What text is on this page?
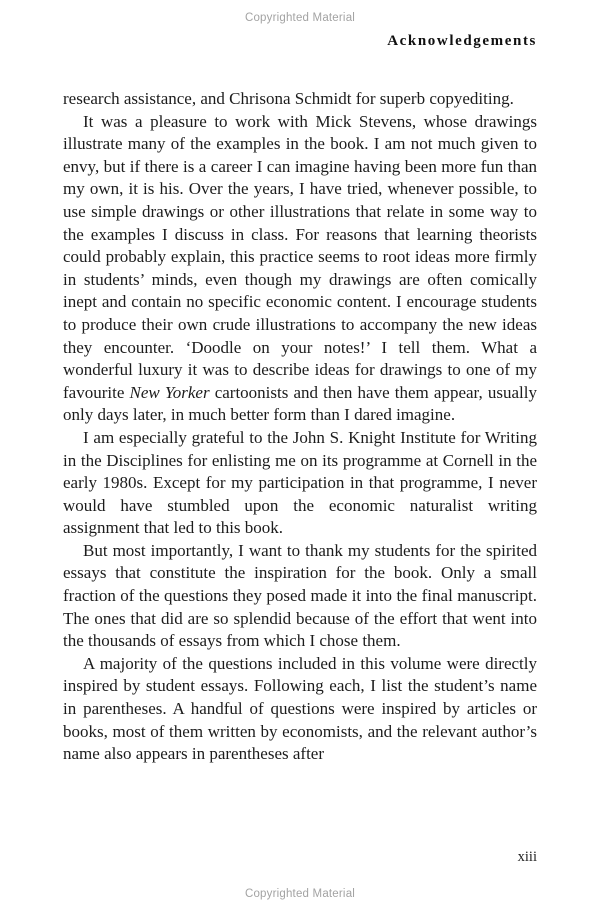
Copyrighted Material
Acknowledgements

research assistance, and Chrisona Schmidt for superb copyediting.

It was a pleasure to work with Mick Stevens, whose drawings illustrate many of the examples in the book. I am not much given to envy, but if there is a career I can imagine having been more fun than my own, it is his. Over the years, I have tried, whenever possible, to use simple drawings or other illustrations that relate in some way to the examples I discuss in class. For reasons that learning theorists could probably explain, this practice seems to root ideas more firmly in students’ minds, even though my drawings are often comically inept and contain no specific economic content. I encourage students to produce their own crude illustrations to accompany the new ideas they encounter. ‘Doodle on your notes!’ I tell them. What a wonderful luxury it was to describe ideas for drawings to one of my favourite New Yorker cartoonists and then have them appear, usually only days later, in much better form than I dared imagine.

I am especially grateful to the John S. Knight Institute for Writing in the Disciplines for enlisting me on its programme at Cornell in the early 1980s. Except for my participation in that programme, I never would have stumbled upon the economic naturalist writing assignment that led to this book.

But most importantly, I want to thank my students for the spirited essays that constitute the inspiration for the book. Only a small fraction of the questions they posed made it into the final manuscript. The ones that did are so splendid because of the effort that went into the thousands of essays from which I chose them.

A majority of the questions included in this volume were directly inspired by student essays. Following each, I list the student’s name in parentheses. A handful of questions were inspired by articles or books, most of them written by economists, and the relevant author’s name also appears in parentheses after

xiii
Copyrighted Material
